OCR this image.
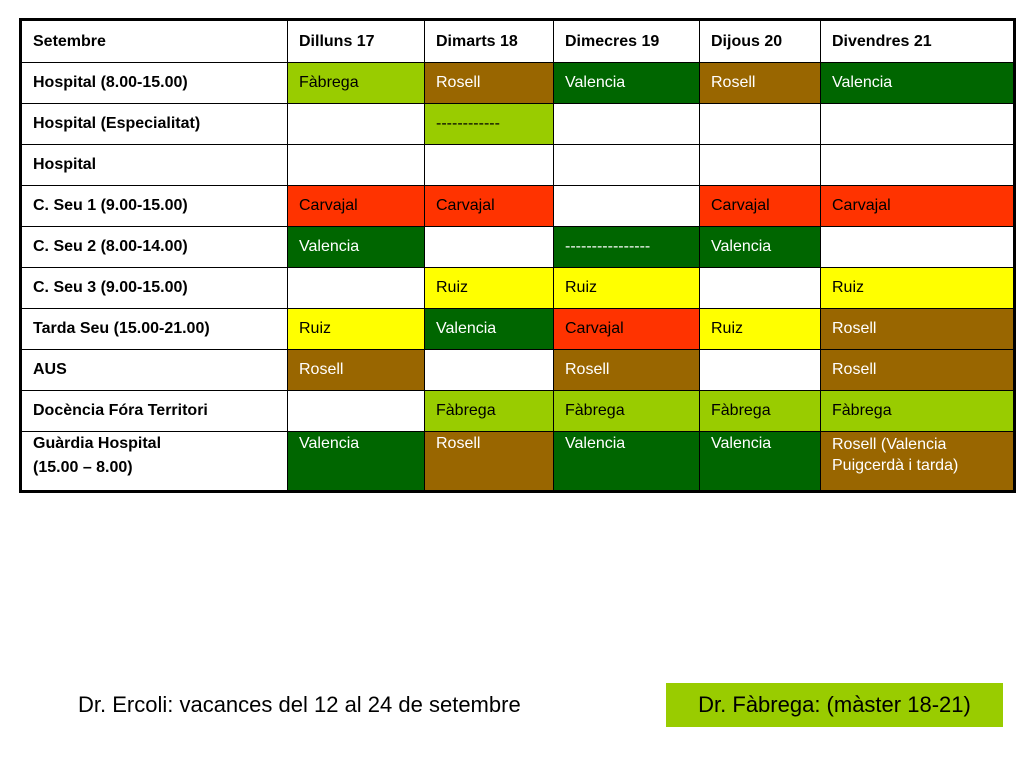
Setembre	Dilluns 17	Dimarts 18	Dimecres 19	Dijous 20	Divendres 21
Hospital (8.00-15.00)	Fàbrega	Rosell	Valencia	Rosell	Valencia
Hospital (Especialitat)		------------			
Hospital					
C. Seu 1 (9.00-15.00)	Carvajal	Carvajal		Carvajal	Carvajal
C. Seu 2 (8.00-14.00)	Valencia		----------------	Valencia	
C. Seu 3 (9.00-15.00)		Ruiz	Ruiz		Ruiz
Tarda Seu (15.00-21.00)	Ruiz	Valencia	Carvajal	Ruiz	Rosell
AUS	Rosell		Rosell		Rosell
Docència Fóra Territori		Fàbrega	Fàbrega	Fàbrega	Fàbrega

Guàrdia Hospital
(15.00 – 8.00)	Valencia	Rosell	Valencia	Valencia	Rosell (Valencia Puigcerdà i tarda)
Dr. Ercoli: vacances del 12 al 24 de setembre	Dr. Fàbrega: (màster 18-21)
